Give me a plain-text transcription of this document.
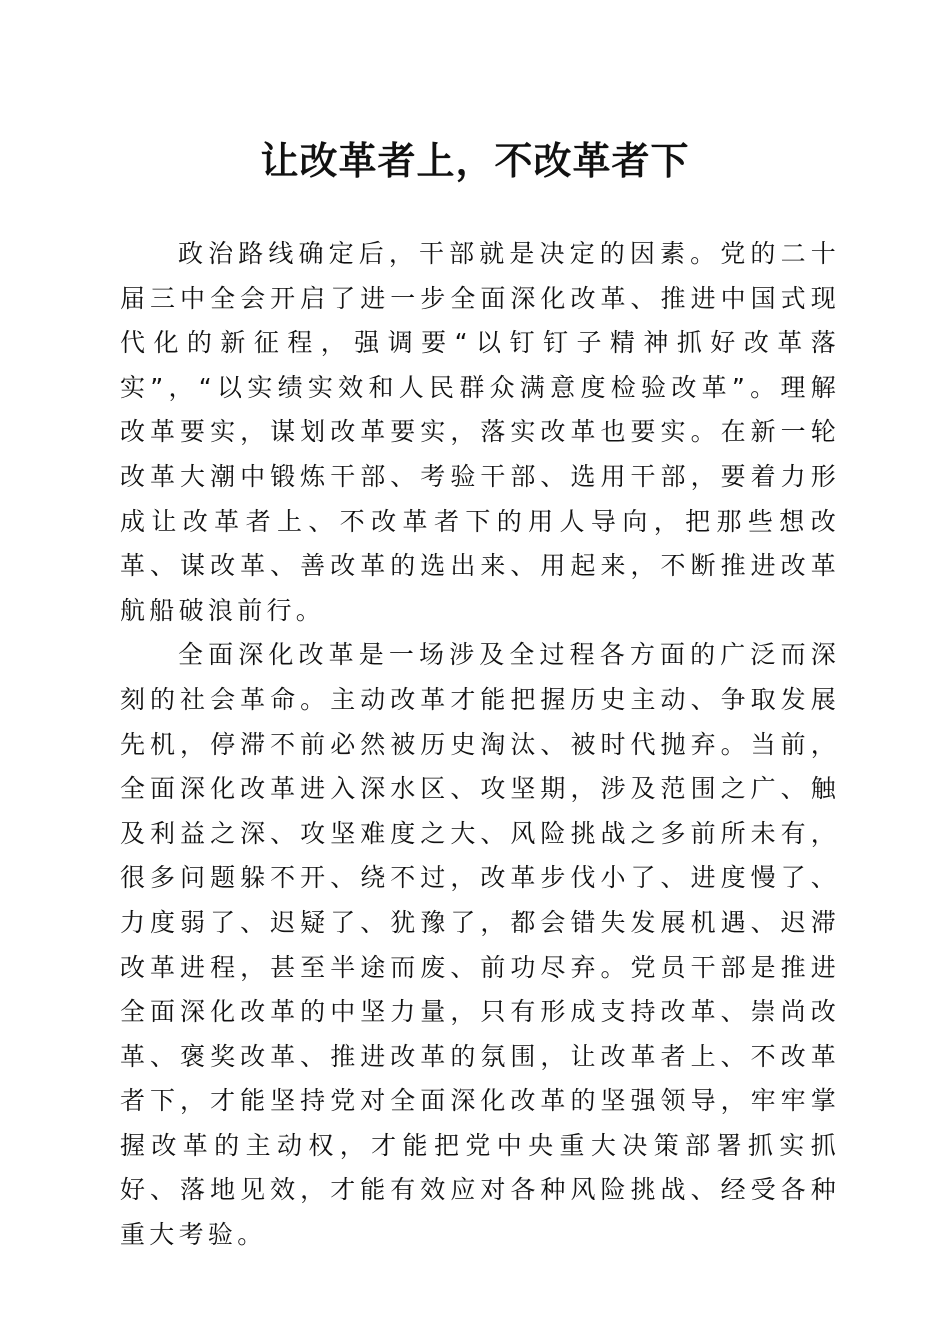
让改革者上，不改革者下

政治路线确定后，干部就是决定的因素。党的二十届三中全会开启了进一步全面深化改革、推进中国式现代化的新征程，强调要“以钉钉子精神抓好改革落实”，“以实绩实效和人民群众满意度检验改革”。理解改革要实，谋划改革要实，落实改革也要实。在新一轮改革大潮中锻炼干部、考验干部、选用干部，要着力形成让改革者上、不改革者下的用人导向，把那些想改革、谋改革、善改革的选出来、用起来，不断推进改革航船破浪前行。

全面深化改革是一场涉及全过程各方面的广泛而深刻的社会革命。主动改革才能把握历史主动、争取发展先机，停滞不前必然被历史淘汰、被时代抛弃。当前，全面深化改革进入深水区、攻坚期，涉及范围之广、触及利益之深、攻坚难度之大、风险挑战之多前所未有，很多问题躲不开、绕不过，改革步伐小了、进度慢了、力度弱了、迟疑了、犹豫了，都会错失发展机遇、迟滞改革进程，甚至半途而废、前功尽弃。党员干部是推进全面深化改革的中坚力量，只有形成支持改革、崇尚改革、褒奖改革、推进改革的氛围，让改革者上、不改革者下，才能坚持党对全面深化改革的坚强领导，牢牢掌握改革的主动权，才能把党中央重大决策部署抓实抓好、落地见效，才能有效应对各种风险挑战、经受各种重大考验。
